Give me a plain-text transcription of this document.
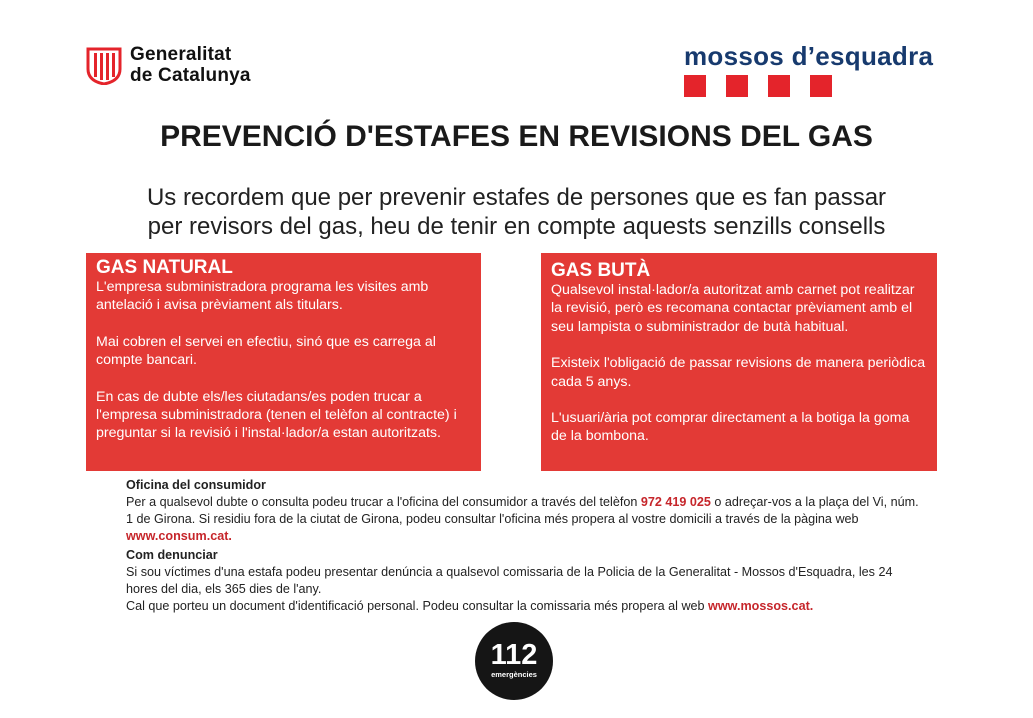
Generalitat
de Catalunya
mossos d’esquadra
PREVENCIÓ D'ESTAFES EN REVISIONS DEL GAS
Us recordem que per prevenir estafes de persones que es fan passar
per revisors del gas, heu de tenir en compte aquests senzills consells
GAS NATURAL

L'empresa subministradora programa les visites amb antelació i avisa prèviament als titulars.

Mai cobren el servei en efectiu, sinó que es carrega al compte bancari.

En cas de dubte els/les ciutadans/es poden trucar a l'empresa subministradora (tenen el telèfon al contracte) i preguntar si la revisió i l'instal·lador/a estan autoritzats.

GAS BUTÀ

Qualsevol instal·lador/a autoritzat amb carnet pot realitzar la revisió, però es recomana contactar prèviament amb el seu lampista o subministrador de butà habitual.

Existeix l'obligació de passar revisions de manera periòdica cada 5 anys.

L'usuari/ària pot comprar directament a la botiga la goma de la bombona.

Oficina del consumidor
Per a qualsevol dubte o consulta podeu trucar a l'oficina del consumidor a través del telèfon 972 419 025 o adreçar-vos a la plaça del Vi, núm. 1 de Girona. Si residiu fora de la ciutat de Girona, podeu consultar l'oficina més propera al vostre domicili a través de la pàgina web www.consum.cat.
Com denunciar
Si sou víctimes d'una estafa podeu presentar denúncia a qualsevol comissaria de la Policia de la Generalitat - Mossos d'Esquadra, les 24 hores del dia, els 365 dies de l'any.
Cal que porteu un document d'identificació personal. Podeu consultar la comissaria més propera al web www.mossos.cat.
112
emergències
